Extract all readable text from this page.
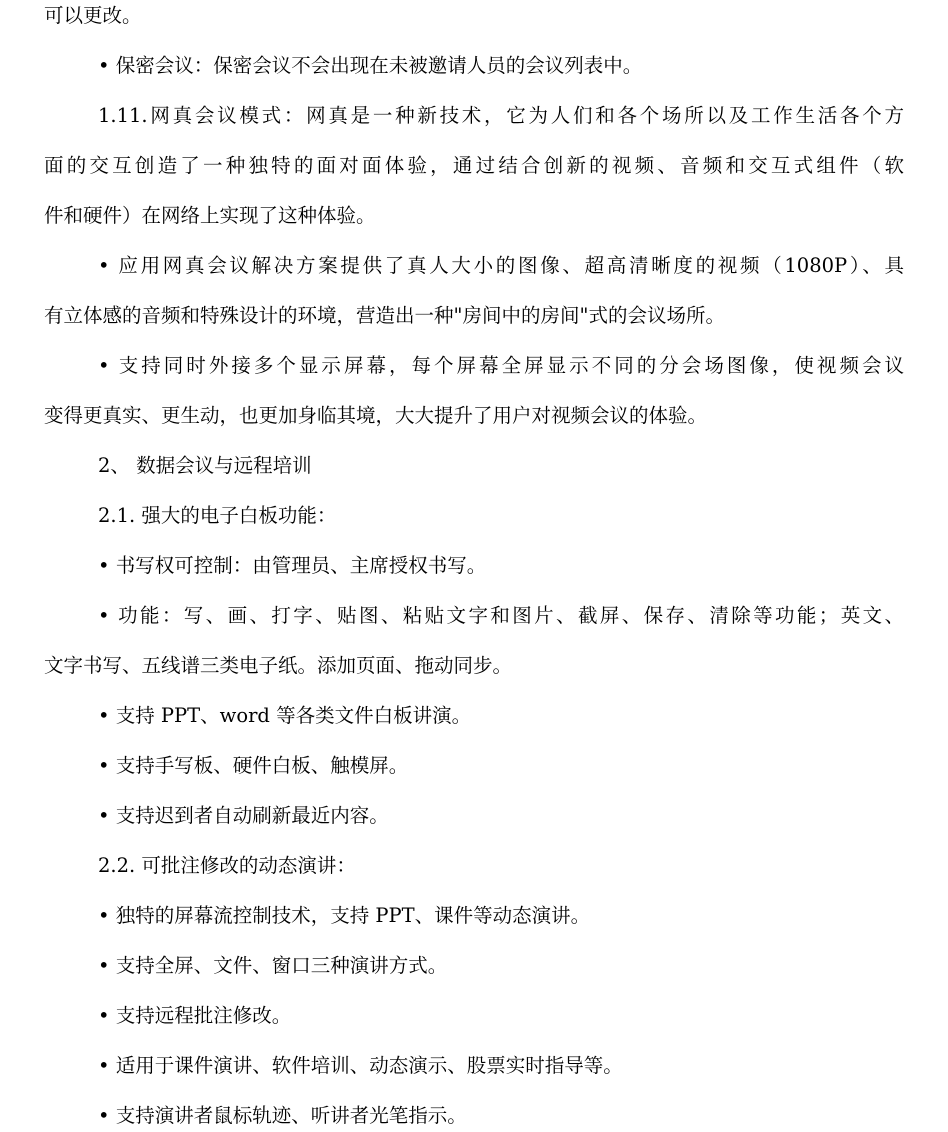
可以更改。
• 保密会议：保密会议不会出现在未被邀请人员的会议列表中。
1.11.网真会议模式：网真是一种新技术，它为人们和各个场所以及工作生活各个方
面的交互创造了一种独特的面对面体验，通过结合创新的视频、音频和交互式组件（软
件和硬件）在网络上实现了这种体验。
• 应用网真会议解决方案提供了真人大小的图像、超高清晰度的视频（1080P）、具
有立体感的音频和特殊设计的环境，营造出一种"房间中的房间"式的会议场所。
• 支持同时外接多个显示屏幕，每个屏幕全屏显示不同的分会场图像，使视频会议
变得更真实、更生动，也更加身临其境，大大提升了用户对视频会议的体验。
2、 数据会议与远程培训
2.1. 强大的电子白板功能：
• 书写权可控制：由管理员、主席授权书写。
• 功能：写、画、打字、贴图、粘贴文字和图片、截屏、保存、清除等功能；英文、
文字书写、五线谱三类电子纸。添加页面、拖动同步。
• 支持 PPT、word 等各类文件白板讲演。
• 支持手写板、硬件白板、触模屏。
• 支持迟到者自动刷新最近内容。
2.2. 可批注修改的动态演讲：
• 独特的屏幕流控制技术，支持 PPT、课件等动态演讲。
• 支持全屏、文件、窗口三种演讲方式。
• 支持远程批注修改。
• 适用于课件演讲、软件培训、动态演示、股票实时指导等。
• 支持演讲者鼠标轨迹、听讲者光笔指示。
